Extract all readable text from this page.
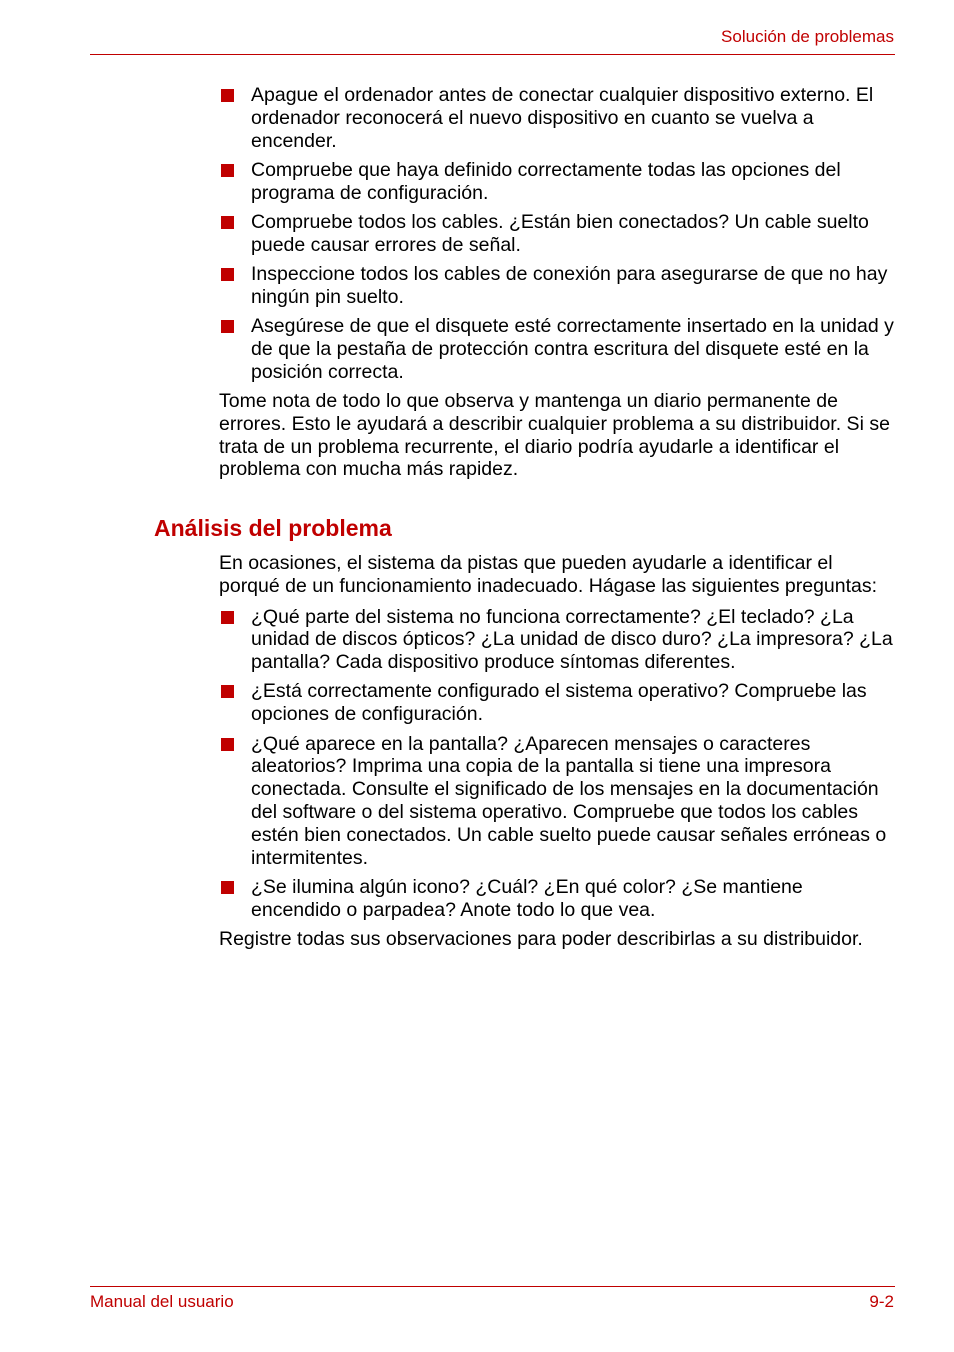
Solución de problemas
Apague el ordenador antes de conectar cualquier dispositivo externo. El ordenador reconocerá el nuevo dispositivo en cuanto se vuelva a encender.
Compruebe que haya definido correctamente todas las opciones del programa de configuración.
Compruebe todos los cables. ¿Están bien conectados? Un cable suelto puede causar errores de señal.
Inspeccione todos los cables de conexión para asegurarse de que no hay ningún pin suelto.
Asegúrese de que el disquete esté correctamente insertado en la unidad y de que la pestaña de protección contra escritura del disquete esté en la posición correcta.

Tome nota de todo lo que observa y mantenga un diario permanente de errores. Esto le ayudará a describir cualquier problema a su distribuidor. Si se trata de un problema recurrente, el diario podría ayudarle a identificar el problema con mucha más rapidez.

Análisis del problema

En ocasiones, el sistema da pistas que pueden ayudarle a identificar el porqué de un funcionamiento inadecuado. Hágase las siguientes preguntas:

¿Qué parte del sistema no funciona correctamente? ¿El teclado? ¿La unidad de discos ópticos? ¿La unidad de disco duro? ¿La impresora? ¿La pantalla? Cada dispositivo produce síntomas diferentes.
¿Está correctamente configurado el sistema operativo? Compruebe las opciones de configuración.
¿Qué aparece en la pantalla? ¿Aparecen mensajes o caracteres aleatorios? Imprima una copia de la pantalla si tiene una impresora conectada. Consulte el significado de los mensajes en la documentación del software o del sistema operativo. Compruebe que todos los cables estén bien conectados. Un cable suelto puede causar señales erróneas o intermitentes.
¿Se ilumina algún icono? ¿Cuál? ¿En qué color? ¿Se mantiene encendido o parpadea? Anote todo lo que vea.

Registre todas sus observaciones para poder describirlas a su distribuidor.

Manual del usuario	9-2
